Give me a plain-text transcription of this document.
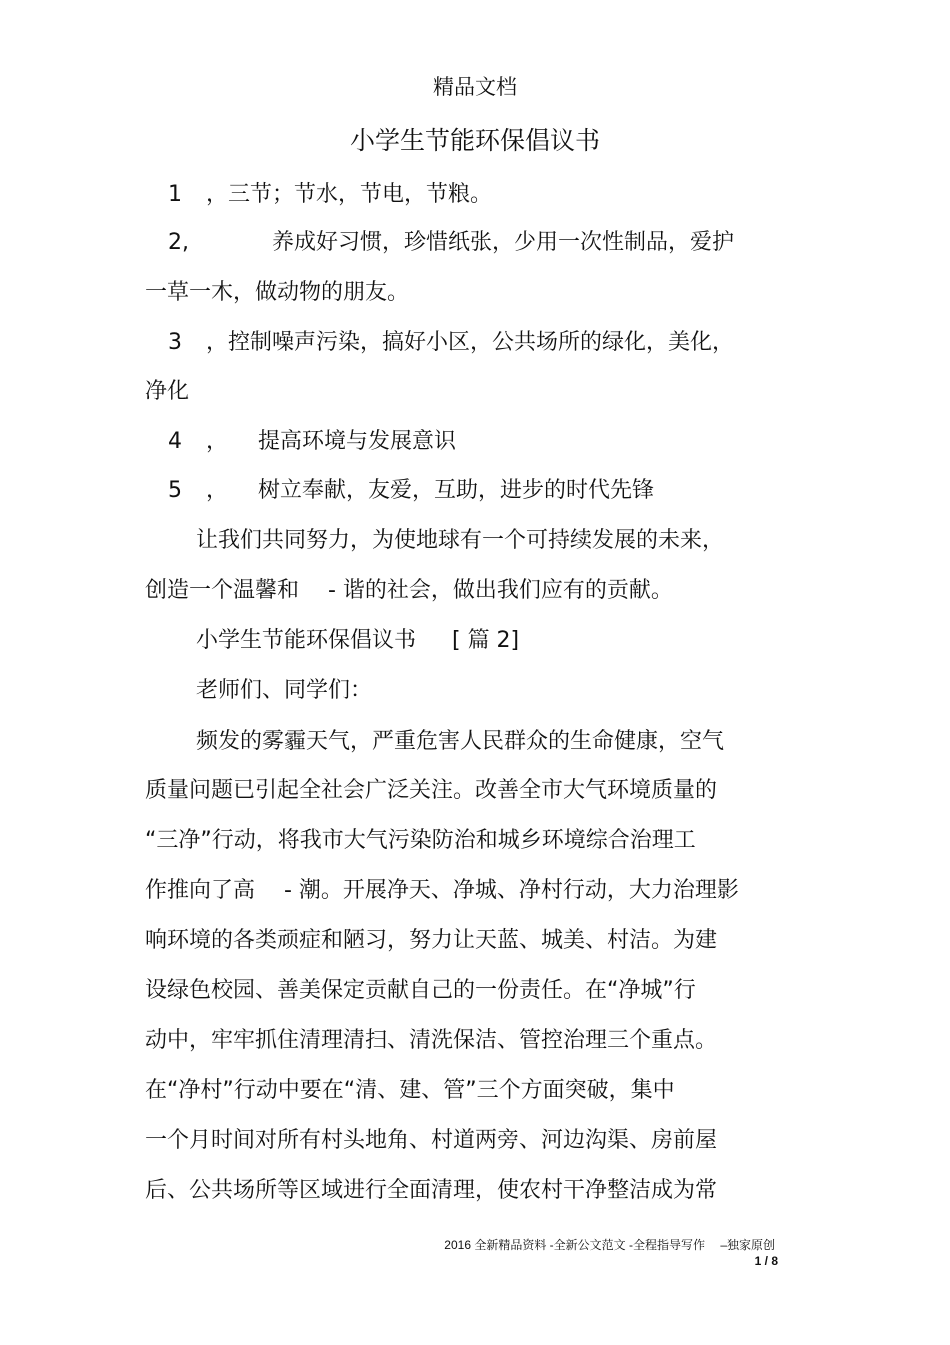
精品文档
小学生节能环保倡议书
1 ，三节；节水，节电，节粮。
2,	养成好习惯，珍惜纸张，少用一次性制品，爱护
一草一木，做动物的朋友。
3 ，控制噪声污染，搞好小区，公共场所的绿化，美化，
净化
4 ， 提高环境与发展意识
5 ， 树立奉献，友爱，互助，进步的时代先锋
让我们共同努力，为使地球有一个可持续发展的未来，
创造一个温馨和 　- 谐的社会，做出我们应有的贡献。
小学生节能环保倡议书 　 [ 篇 2]
老师们、同学们：
频发的雾霾天气，严重危害人民群众的生命健康，空气
质量问题已引起全社会广泛关注。改善全市大气环境质量的
“三净”行动，将我市大气污染防治和城乡环境综合治理工
作推向了高 　- 潮。开展净天、净城、净村行动，大力治理影
响环境的各类顽症和陋习，努力让天蓝、城美、村洁。为建
设绿色校园、善美保定贡献自己的一份责任。在“净城”行
动中，牢牢抓住清理清扫、清洗保洁、管控治理三个重点。
在“净村”行动中要在“清、建、管”三个方面突破，集中
一个月时间对所有村头地角、村道两旁、河边沟渠、房前屋
后、公共场所等区域进行全面清理，使农村干净整洁成为常
2016 全新精品资料 -全新公文范文 -全程指导写作 　–独家原创
1 / 8
